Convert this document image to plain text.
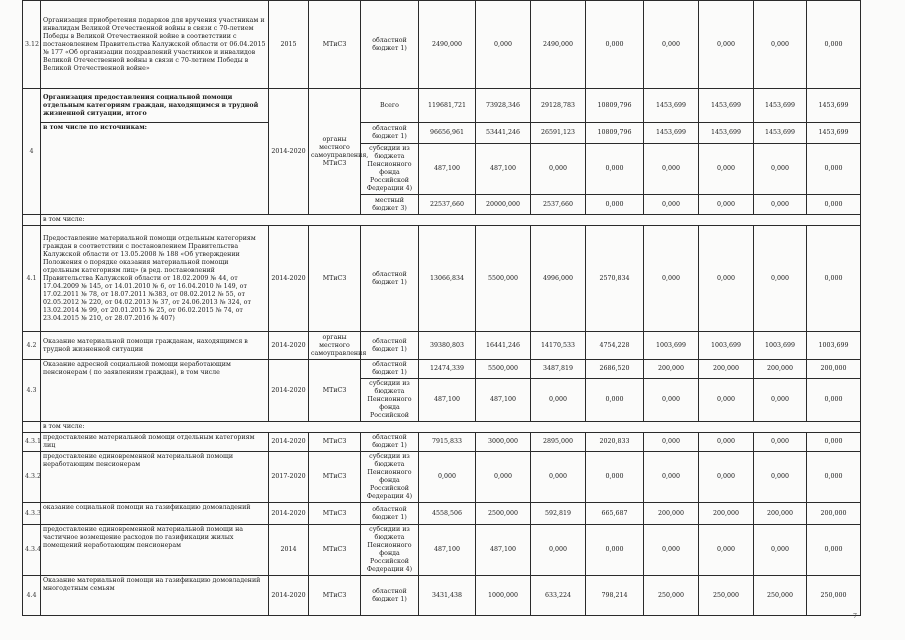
3.12	Организация приобретения подарков для вручения участникам и инвалидам Великой Отечественной войны в связи с 70-летием Победы в Великой Отечественной войне в соответствии с постановлением Правительства Калужской области от 06.04.2015 № 177 «Об организации поздравлений участников и инвалидов Великой Отечественной войны в связи с 70-летием Победы в Великой Отечественной войне»	2015	МТиСЗ	областной бюджет 1)	2490,000	0,000	2490,000	0,000	0,000	0,000	0,000	0,000
4	Организация предоставления социальной помощи отдельным категориям граждан, находящимся в трудной жизненной ситуации, итого	2014-2020	органы местного самоуправления, МТиСЗ	Всего	119681,721	73928,346	29128,783	10809,796	1453,699	1453,699	1453,699	1453,699
	в том числе по источникам:			областной бюджет 1)	96656,961	53441,246	26591,123	10809,796	1453,699	1453,699	1453,699	1453,699
				субсидии из бюджета Пенсионного фонда Российской Федерации 4)	487,100	487,100	0,000	0,000	0,000	0,000	0,000	0,000
				местный бюджет 3)	22537,660	20000,000	2537,660	0,000	0,000	0,000	0,000	0,000
	в том числе:											
4.1	Предоставление материальной помощи отдельным категориям граждан в соответствии с постановлением Правительства Калужской области от 13.05.2008 № 188 «Об утверждении Положения о порядке оказания материальной помощи отдельным категориям лиц» (в ред. постановлений Правительства Калужской области от 18.02.2009 № 44, от 17.04.2009 № 145, от 14.01.2010 № 6, от 16.04.2010 № 149, от 17.02.2011 № 78, от 18.07.2011 №383, от 08.02.2012 № 55, от 02.05.2012 № 220, от 04.02.2013 № 37, от 24.06.2013 № 324, от 13.02.2014 № 99, от 20.01.2015 № 25, от 06.02.2015 № 74, от 23.04.2015 № 210, от 28.07.2016 № 407)	2014-2020	МТиСЗ	областной бюджет 1)	13066,834	5500,000	4996,000	2570,834	0,000	0,000	0,000	0,000
4.2	Оказание материальной помощи гражданам, находящимся в трудной жизненной ситуации	2014-2020	органы местного самоуправления	областной бюджет 1)	39380,803	16441,246	14170,533	4754,228	1003,699	1003,699	1003,699	1003,699
4.3	Оказание адресной социальной помощи неработающим пенсионерам ( по заявлениям граждан), в том числе	2014-2020	МТиСЗ	областной бюджет 1)	12474,339	5500,000	3487,819	2686,520	200,000	200,000	200,000	200,000
				субсидии из бюджета Пенсионного фонда Российской	487,100	487,100	0,000	0,000	0,000	0,000	0,000	0,000
	в том числе:											
4.3.1	предоставление материальной помощи отдельным категориям лиц	2014-2020	МТиСЗ	областной бюджет 1)	7915,833	3000,000	2895,000	2020,833	0,000	0,000	0,000	0,000
4.3.2	предоставление единовременной материальной помощи неработающим пенсионерам	2017-2020	МТиСЗ	субсидии из бюджета Пенсионного фонда Российской Федерации 4)	0,000	0,000	0,000	0,000	0,000	0,000	0,000	0,000
4.3.3	оказание социальной помощи на газификацию домовладений	2014-2020	МТиСЗ	областной бюджет 1)	4558,506	2500,000	592,819	665,687	200,000	200,000	200,000	200,000
4.3.4	предоставление единовременной материальной помощи на частичное возмещение расходов по газификации жилых помещений неработающим пенсионерам	2014	МТиСЗ	субсидии из бюджета Пенсионного фонда Российской Федерации 4)	487,100	487,100	0,000	0,000	0,000	0,000	0,000	0,000
4.4	Оказание материальной помощи на газификацию домовладений многодетным семьям	2014-2020	МТиСЗ	областной бюджет 1)	3431,438	1000,000	633,224	798,214	250,000	250,000	250,000	250,000
7
